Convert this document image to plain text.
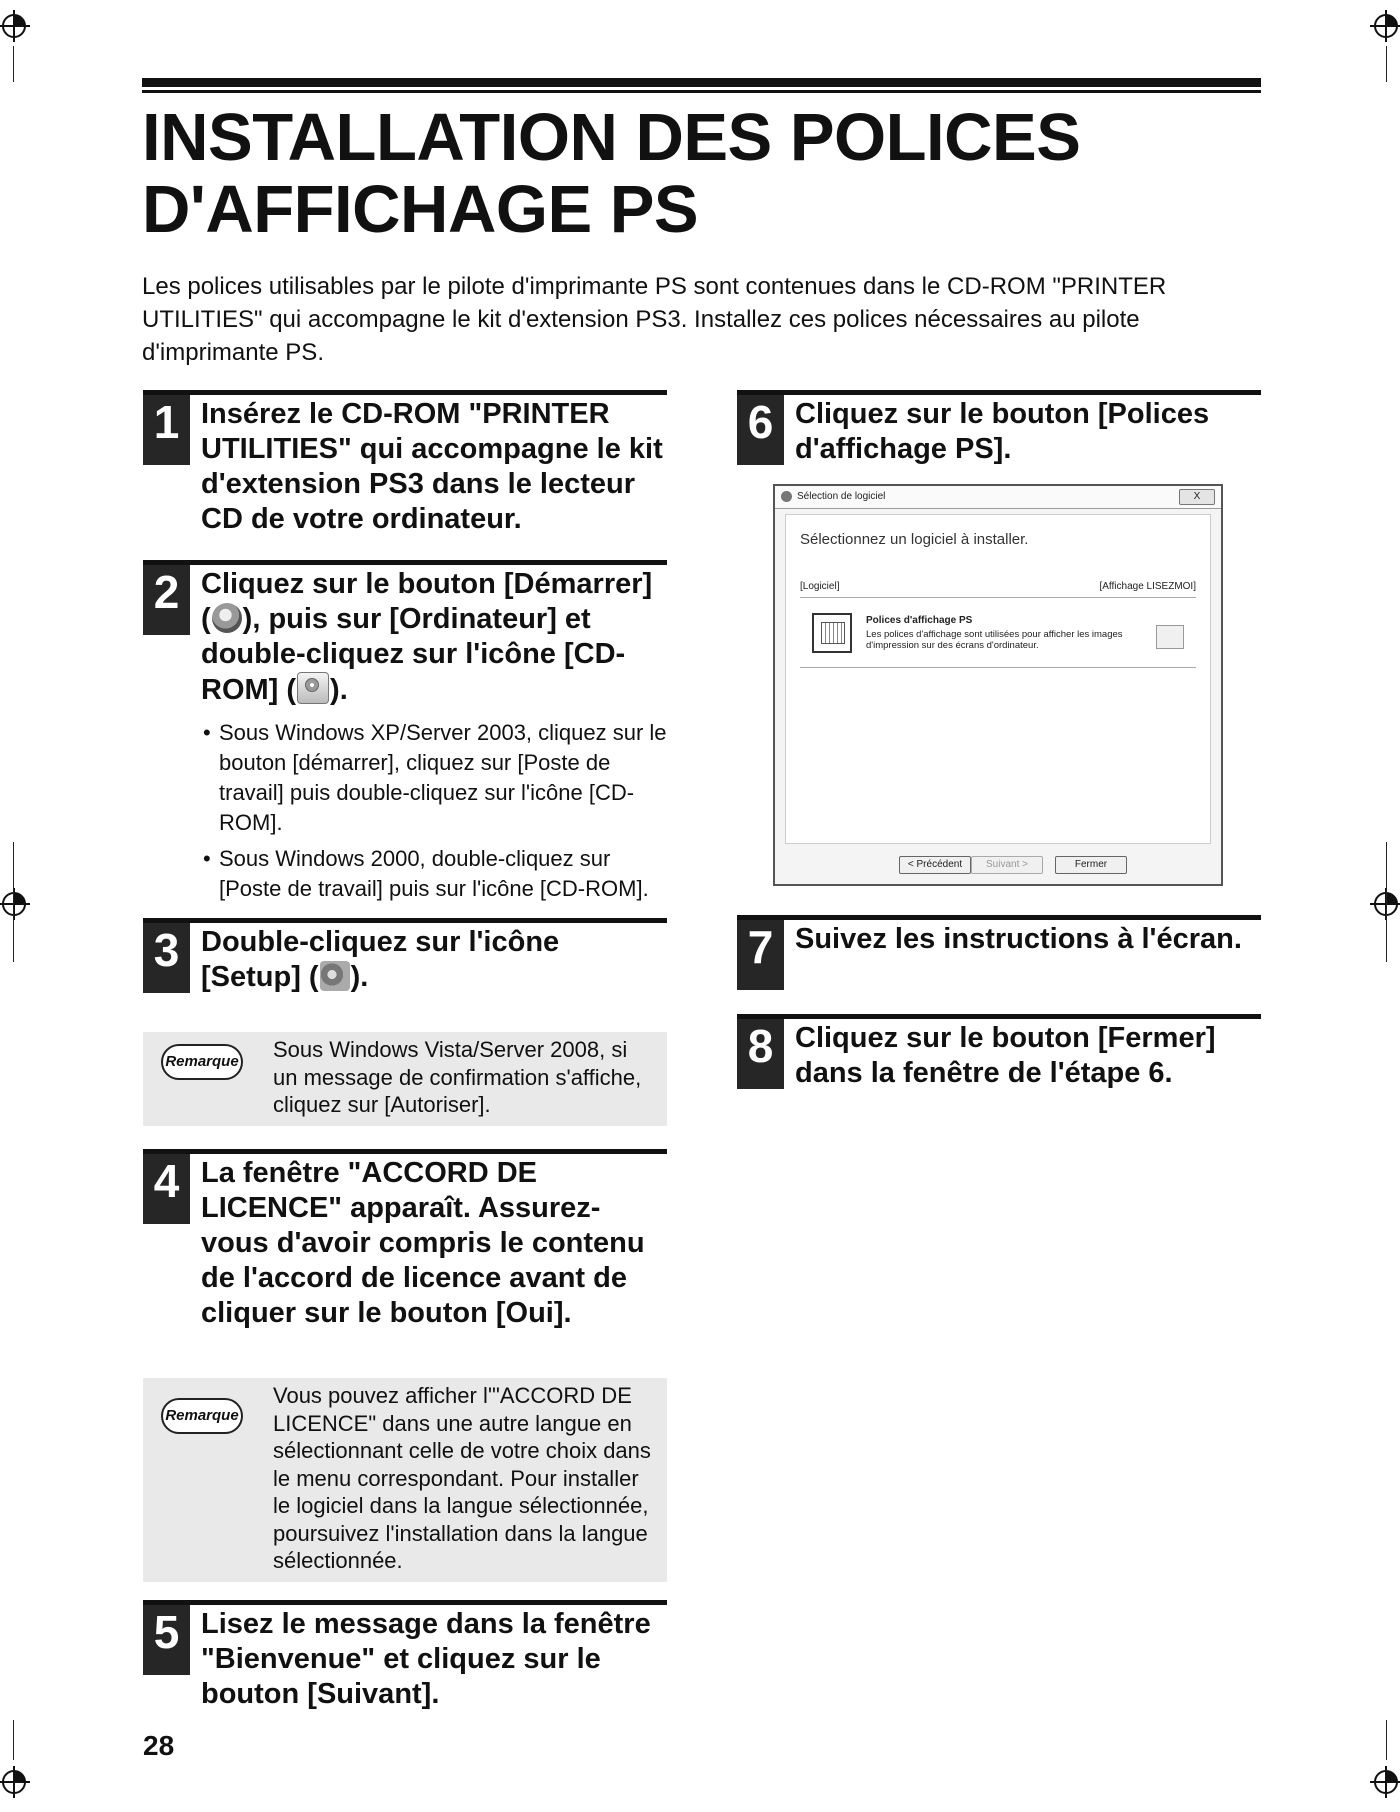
INSTALLATION DES POLICES
D'AFFICHAGE PS

Les polices utilisables par le pilote d'imprimante PS sont contenues dans le CD-ROM "PRINTER UTILITIES" qui accompagne le kit d'extension PS3. Installez ces polices nécessaires au pilote d'imprimante PS.

1 Insérez le CD-ROM "PRINTER UTILITIES" qui accompagne le kit d'extension PS3 dans le lecteur CD de votre ordinateur.
2 Cliquez sur le bouton [Démarrer] ( ), puis sur [Ordinateur] et double-cliquez sur l'icône [CD-ROM] ( ).
• Sous Windows XP/Server 2003, cliquez sur le bouton [démarrer], cliquez sur [Poste de travail] puis double-cliquez sur l'icône [CD-ROM].
• Sous Windows 2000, double-cliquez sur [Poste de travail] puis sur l'icône [CD-ROM].
3 Double-cliquez sur l'icône [Setup] ( ).
Remarque Sous Windows Vista/Server 2008, si un message de confirmation s'affiche, cliquez sur [Autoriser].
4 La fenêtre "ACCORD DE LICENCE" apparaît. Assurez-vous d'avoir compris le contenu de l'accord de licence avant de cliquer sur le bouton [Oui].
Remarque
Vous pouvez afficher l'"ACCORD DE LICENCE" dans une autre langue en sélectionnant celle de votre choix dans le menu correspondant. Pour installer le logiciel dans la langue sélectionnée, poursuivez l'installation dans la langue sélectionnée.
5 Lisez le message dans la fenêtre "Bienvenue" et cliquez sur le bouton [Suivant].
6 Cliquez sur le bouton [Polices d'affichage PS].
Sélection de logiciel	X
Sélectionnez un logiciel à installer.
[Logiciel]	[Affichage LISEZMOI]
Polices d'affichage PS
Les polices d'affichage sont utilisées pour afficher les images d'impression sur des écrans d'ordinateur.
< Précédent	Suivant >	Fermer
7 Suivez les instructions à l'écran.
8 Cliquez sur le bouton [Fermer] dans la fenêtre de l'étape 6.
28
